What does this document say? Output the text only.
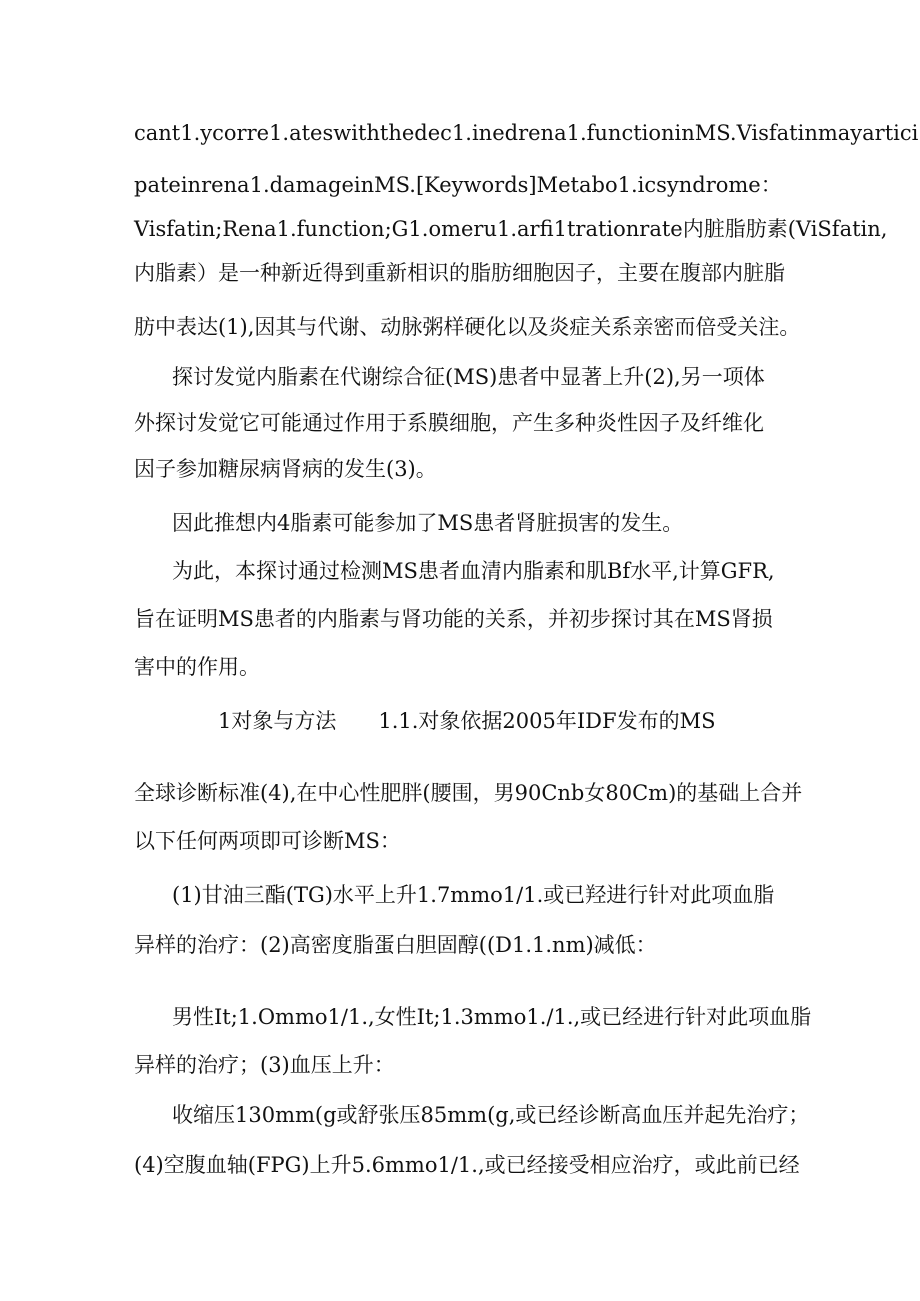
cant1.ycorre1.ateswiththedec1.inedrena1.functioninMS.Visfatinmayartici
pateinrena1.damageinMS.[Keywords]Metabo1.icsyndrome：
Visfatin;Rena1.function;G1.omeru1.arfi1trationrate内脏脂肪素(ViSfatin,
内脂素）是一种新近得到重新相识的脂肪细胞因子，主要在腹部内脏脂
肪中表达(1),因其与代谢、动脉粥样硬化以及炎症关系亲密而倍受关注。
探讨发觉内脂素在代谢综合征(MS)患者中显著上升(2),另一项体
外探讨发觉它可能通过作用于系膜细胞，产生多种炎性因子及纤维化
因子参加糖尿病肾病的发生(3)。
因此推想内4脂素可能参加了MS患者肾脏损害的发生。
为此，本探讨通过检测MS患者血清内脂素和肌Bf水平,计算GFR,
旨在证明MS患者的内脂素与肾功能的关系，并初步探讨其在MS肾损
害中的作用。
1对象与方法　　1.1.对象依据2005年IDF发布的MS
全球诊断标准(4),在中心性肥胖(腰围，男90Cnb女80Cm)的基础上合并
以下任何两项即可诊断MS：
(1)甘油三酯(TG)水平上升1.7mmo1∕1.或已羟进行针对此项血脂
异样的治疗：(2)高密度脂蛋白胆固醇((D1.1.nm)减低：
男性It;1.Ommo1∕1.,女性It;1.3mmo1./1.,或已经进行针对此项血脂
异样的治疗；(3)血压上升：
收缩压130mm(g或舒张压85mm(g,或已经诊断高血压并起先治疗；
(4)空腹血轴(FPG)上升5.6mmo1∕1.,或已经接受相应治疗，或此前已经
